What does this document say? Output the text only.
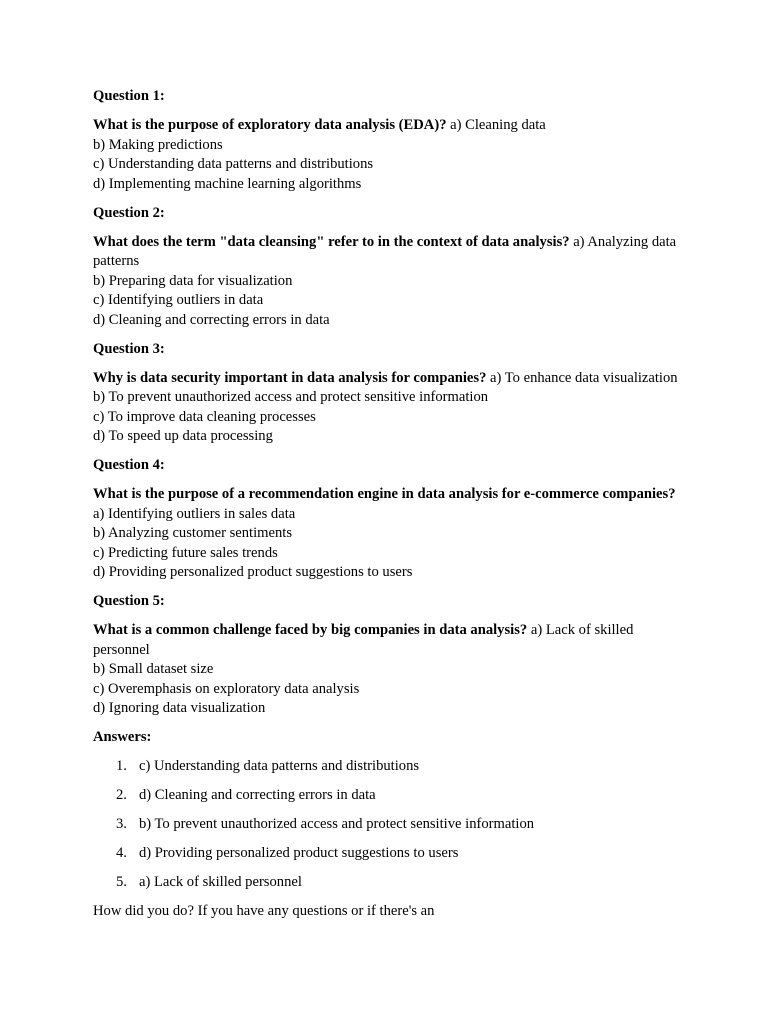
Question 1:
What is the purpose of exploratory data analysis (EDA)? a) Cleaning data
b) Making predictions
c) Understanding data patterns and distributions
d) Implementing machine learning algorithms
Question 2:
What does the term "data cleansing" refer to in the context of data analysis? a) Analyzing data patterns
b) Preparing data for visualization
c) Identifying outliers in data
d) Cleaning and correcting errors in data
Question 3:
Why is data security important in data analysis for companies? a) To enhance data visualization
b) To prevent unauthorized access and protect sensitive information
c) To improve data cleaning processes
d) To speed up data processing
Question 4:
What is the purpose of a recommendation engine in data analysis for e-commerce companies? a) Identifying outliers in sales data
b) Analyzing customer sentiments
c) Predicting future sales trends
d) Providing personalized product suggestions to users
Question 5:
What is a common challenge faced by big companies in data analysis? a) Lack of skilled personnel
b) Small dataset size
c) Overemphasis on exploratory data analysis
d) Ignoring data visualization
Answers:
1. c) Understanding data patterns and distributions
2. d) Cleaning and correcting errors in data
3. b) To prevent unauthorized access and protect sensitive information
4. d) Providing personalized product suggestions to users
5. a) Lack of skilled personnel

How did you do? If you have any questions or if there's an
